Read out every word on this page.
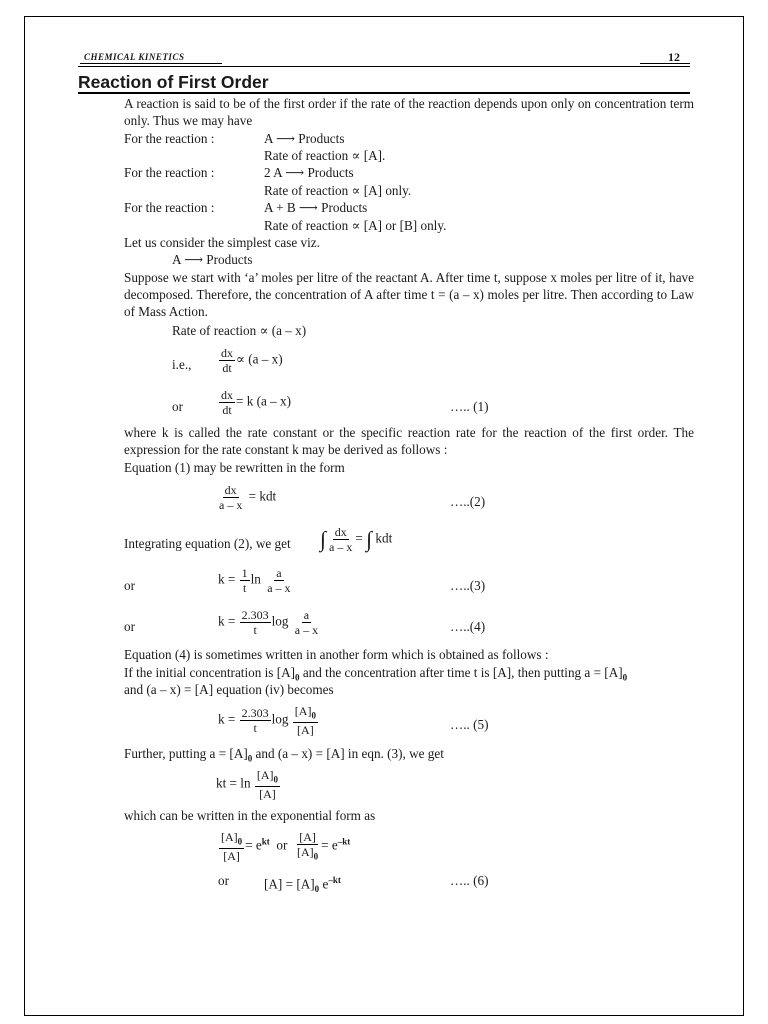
CHEMICAL KINETICS	12
Reaction of First Order
A reaction is said to be of the first order if the rate of the reaction depends upon only on concentration term only. Thus we may have
For the reaction :	A ⟶ Products
Rate of reaction ∝ [A].
For the reaction :	2 A ⟶ Products
Rate of reaction ∝ [A] only.
For the reaction :	A + B ⟶ Products
Rate of reaction ∝ [A] or [B] only.
Let us consider the simplest case viz.
A ⟶ Products
Suppose we start with ‘a’ moles per litre of the reactant A. After time t, suppose x moles per litre of it, have decomposed. Therefore, the concentration of A after time t = (a – x) moles per litre. Then according to Law of Mass Action.
Rate of reaction ∝ (a – x)
i.e., $\frac{dx}{dt} \propto (a - x)$
or	$\frac{dx}{dt} = k$ (a – x)	….. (1)
where k is called the rate constant or the specific reaction rate for the reaction of the first order. The expression for the rate constant k may be derived as follows :
Equation (1) may be rewritten in the form
$\frac{dx}{a - x}$ = kdt	…..(2)
Integrating equation (2), we get ∫ $\frac{dx}{a - x}$ = ∫ kdt
or	$k = \frac{1}{t}$ $\ln \frac{a}{a - x}$	…..(3)
or	$k = \frac{2.303}{t}$ $\log \frac{a}{a - x}$	…..(4)
Equation (4) is sometimes written in another form which is obtained as follows :
If the initial concentration is $[A]_0$ and the concentration after time t is [A], then putting $a = [A]_0$
and (a – x) = [A] equation (iv) becomes
$k = \frac{2.303}{t}$ $\log \frac{[A]_0}{[A]}$	….. (5)
Further, putting $a = [A]_0$ and (a – x) = [A] in eqn. (3), we get
kt = $\ln \frac{[A]_0}{[A]}$
which can be written in the exponential form as
$\frac{[A]_0}{[A]} = e^{kt}$ or $\frac{[A]}{[A]_0} = e^{-kt}$
or	$[A] = [A]_0$ $e^{-kt}$	….. (6)
